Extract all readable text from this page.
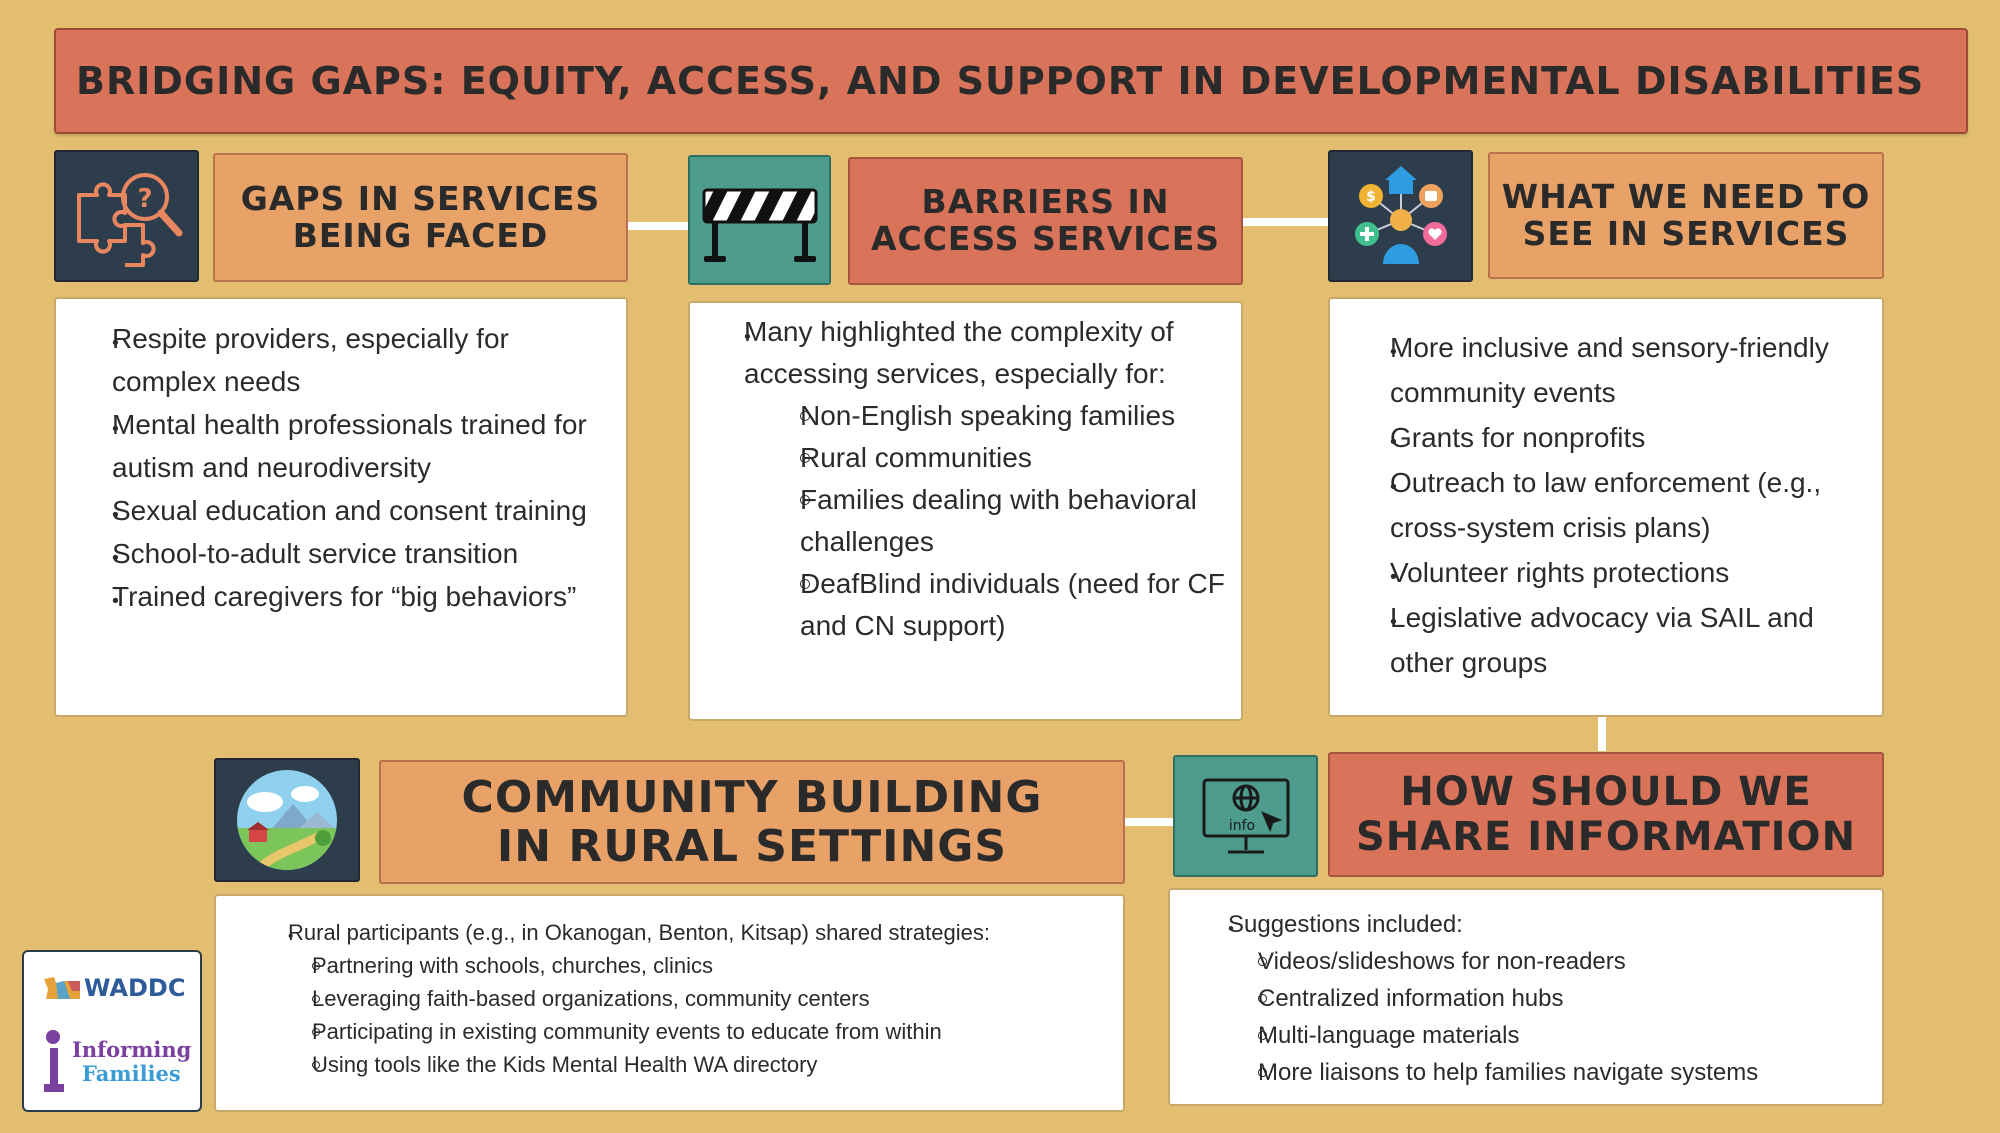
BRIDGING GAPS: EQUITY, ACCESS, AND SUPPORT IN DEVELOPMENTAL DISABILITIES
?	GAPS IN SERVICES
BEING FACED
• Respite providers, especially for complex needs
• Mental health professionals trained for autism and neurodiversity
• Sexual education and consent training
• School-to-adult service transition
• Trained caregivers for “big behaviors”
BARRIERS IN
ACCESS SERVICES
• Many highlighted the complexity of accessing services, especially for:
Non-English speaking families
Rural communities
Families dealing with behavioral challenges
DeafBlind individuals (need for CF and CN support)
$	WHAT WE NEED TO
SEE IN SERVICES
• More inclusive and sensory-friendly community events
• Grants for nonprofits
• Outreach to law enforcement (e.g., cross-system crisis plans)
• Volunteer rights protections
• Legislative advocacy via SAIL and other groups
COMMUNITY BUILDING
IN RURAL SETTINGS
• Rural participants (e.g., in Okanogan, Benton, Kitsap) shared strategies:
Partnering with schools, churches, clinics
Leveraging faith-based organizations, community centers
Participating in existing community events to educate from within
Using tools like the Kids Mental Health WA directory
info
HOW SHOULD WE
SHARE INFORMATION
• Suggestions included:
Videos/slideshows for non-readers
Centralized information hubs
Multi-language materials
More liaisons to help families navigate systems
WADDC
Informing
Families
